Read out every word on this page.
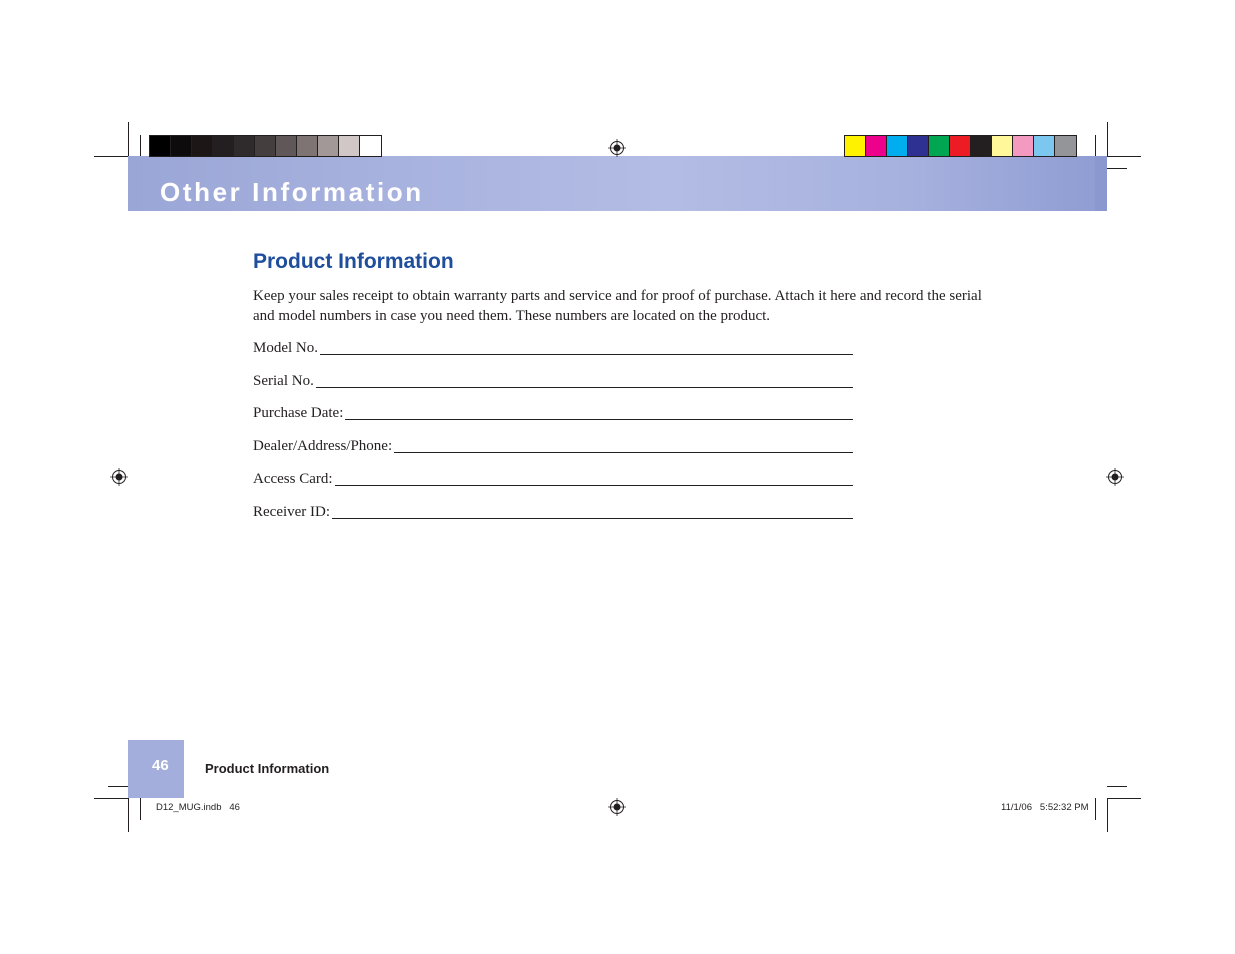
Other Information
Product Information

Keep your sales receipt to obtain warranty parts and service and for proof of purchase. Attach it here and record the serial and model numbers in case you need them. These numbers are located on the product.

Model No.
Serial No.
Purchase Date:
Dealer/Address/Phone:
Access Card:
Receiver ID:
46	Product Information
D12_MUG.indb   46	11/1/06   5:52:32 PM
